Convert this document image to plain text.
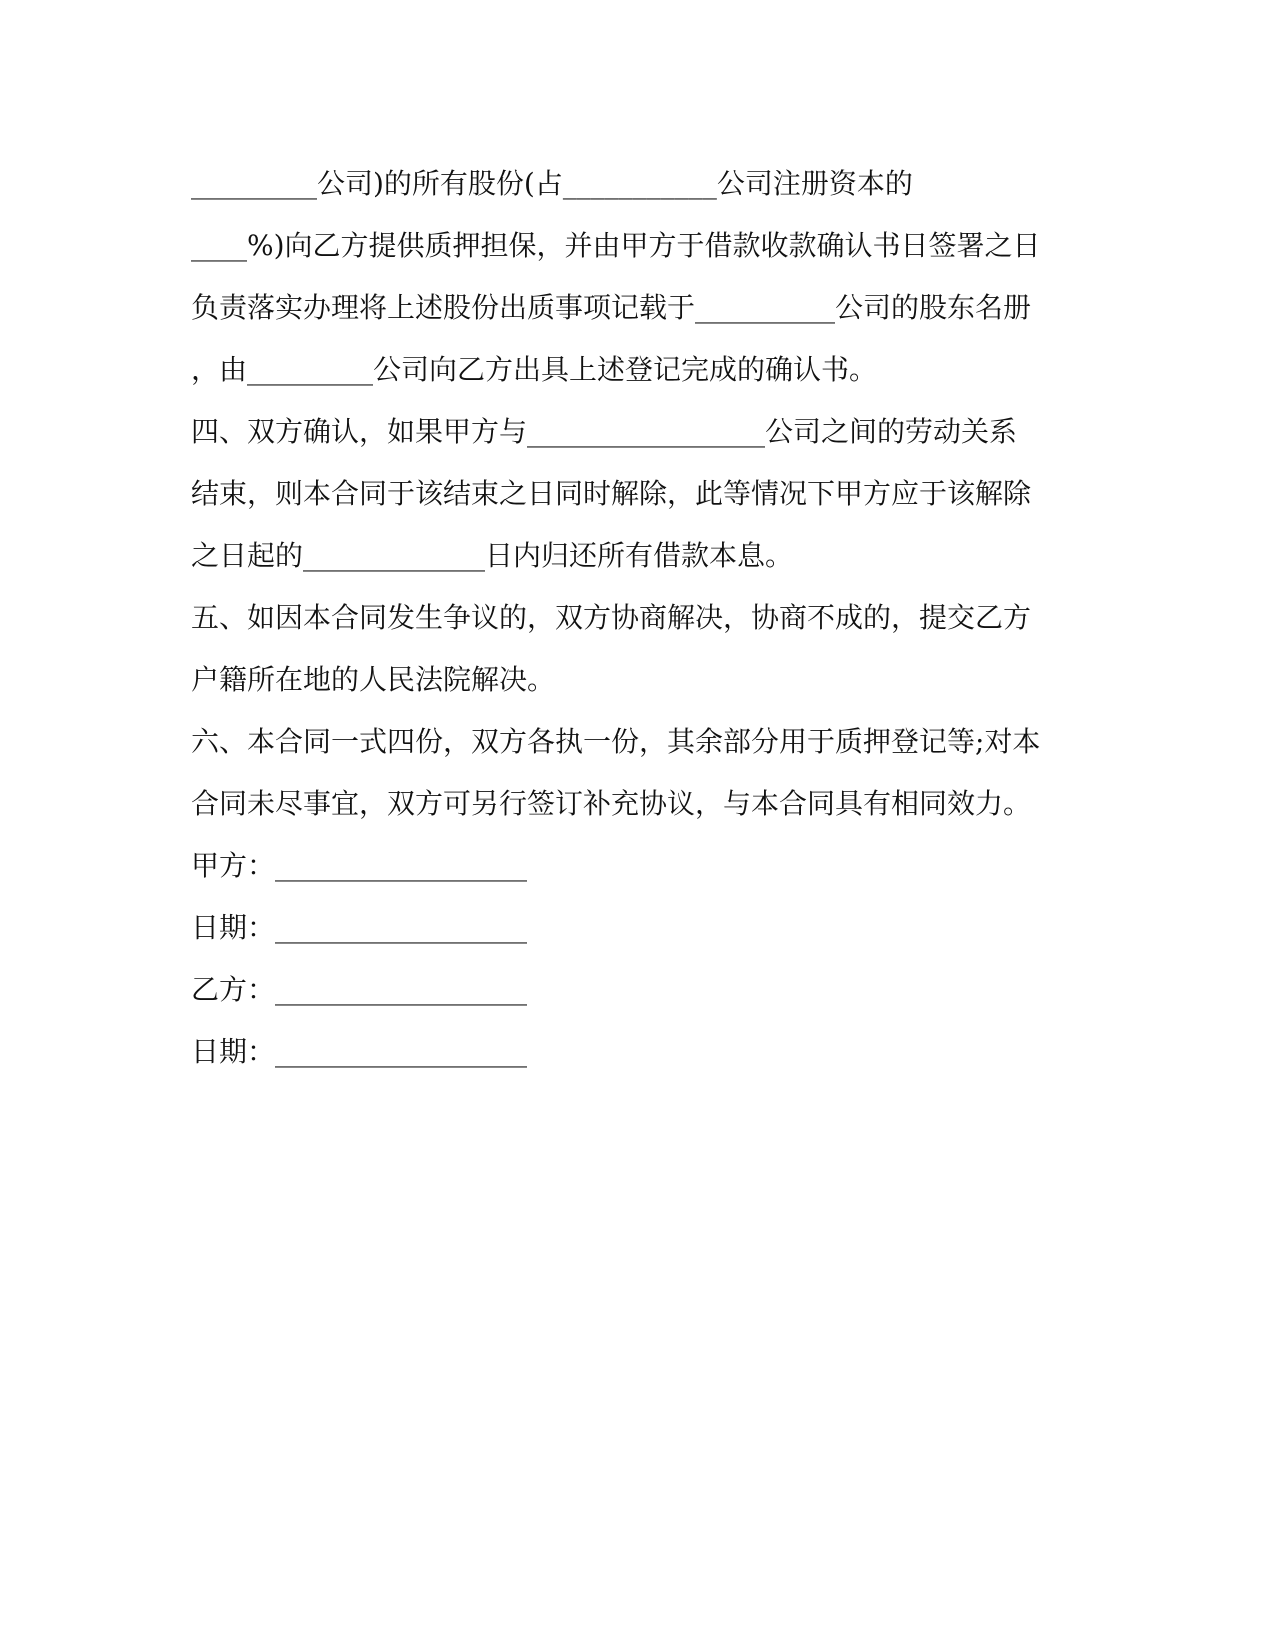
_________公司)的所有股份(占___________公司注册资本的
____%)向乙方提供质押担保，并由甲方于借款收款确认书日签署之日
负责落实办理将上述股份出质事项记载于__________公司的股东名册
，由_________公司向乙方出具上述登记完成的确认书。
四、双方确认，如果甲方与_________________公司之间的劳动关系
结束，则本合同于该结束之日同时解除，此等情况下甲方应于该解除
之日起的_____________日内归还所有借款本息。
五、如因本合同发生争议的，双方协商解决，协商不成的，提交乙方
户籍所在地的人民法院解决。
六、本合同一式四份，双方各执一份，其余部分用于质押登记等;对本
合同未尽事宜，双方可另行签订补充协议，与本合同具有相同效力。
甲方：__________________
日期：__________________
乙方：__________________
日期：__________________
